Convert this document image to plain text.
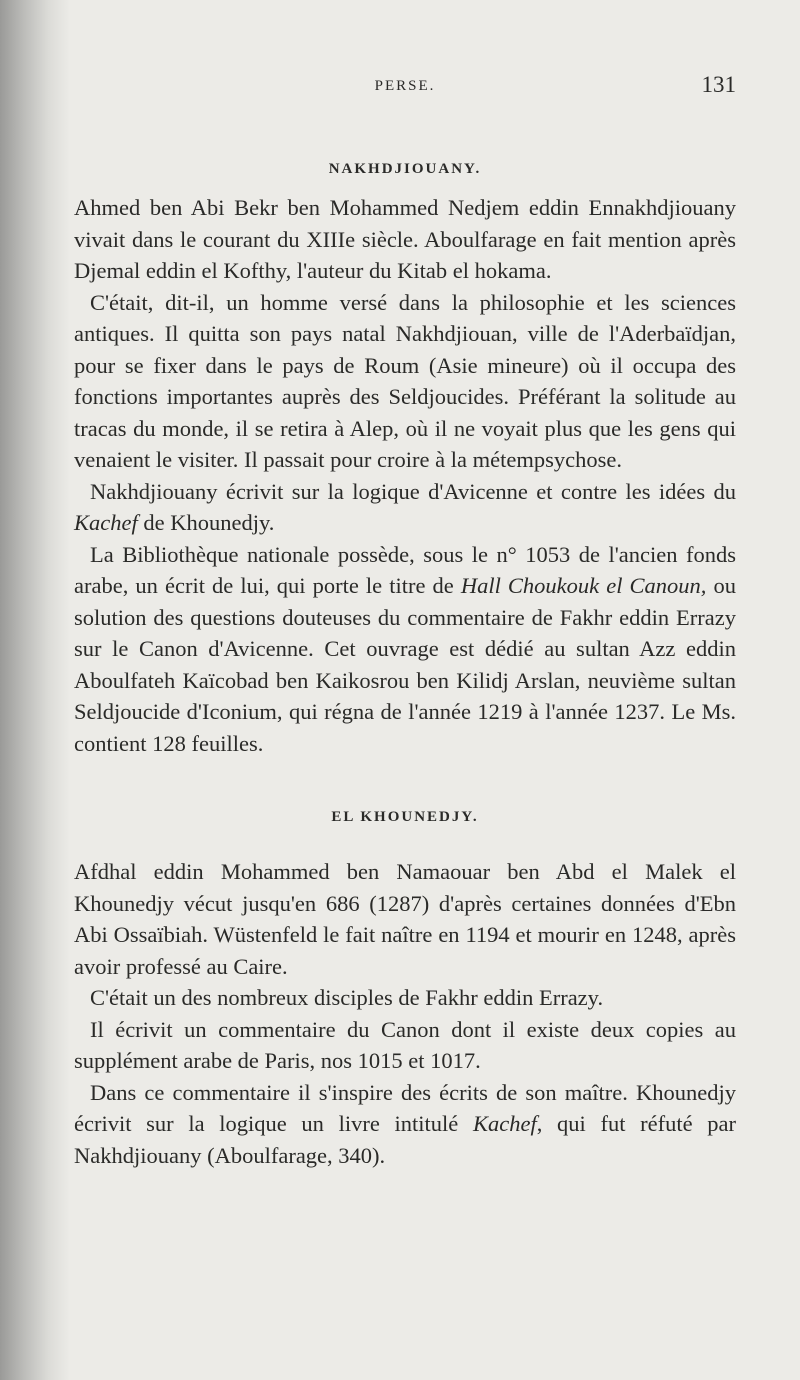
PERSE.	131
NAKHDJIOUANY.

Ahmed ben Abi Bekr ben Mohammed Nedjem eddin Ennakhdjiouany vivait dans le courant du XIIIe siècle. Aboulfarage en fait mention après Djemal eddin el Kofthy, l'auteur du Kitab el hokama.

C'était, dit-il, un homme versé dans la philosophie et les sciences antiques. Il quitta son pays natal Nakhdjiouan, ville de l'Aderbaïdjan, pour se fixer dans le pays de Roum (Asie mineure) où il occupa des fonctions importantes auprès des Seldjoucides. Préférant la solitude au tracas du monde, il se retira à Alep, où il ne voyait plus que les gens qui venaient le visiter. Il passait pour croire à la métempsychose.

Nakhdjiouany écrivit sur la logique d'Avicenne et contre les idées du Kachef de Khounedjy.

La Bibliothèque nationale possède, sous le n° 1053 de l'ancien fonds arabe, un écrit de lui, qui porte le titre de Hall Choukouk el Canoun, ou solution des questions douteuses du commentaire de Fakhr eddin Errazy sur le Canon d'Avicenne. Cet ouvrage est dédié au sultan Azz eddin Aboulfateh Kaïcobad ben Kaikosrou ben Kilidj Arslan, neuvième sultan Seldjoucide d'Iconium, qui régna de l'année 1219 à l'année 1237. Le Ms. contient 128 feuilles.

EL KHOUNEDJY.

Afdhal eddin Mohammed ben Namaouar ben Abd el Malek el Khounedjy vécut jusqu'en 686 (1287) d'après certaines données d'Ebn Abi Ossaïbiah. Wüstenfeld le fait naître en 1194 et mourir en 1248, après avoir professé au Caire.

C'était un des nombreux disciples de Fakhr eddin Errazy.

Il écrivit un commentaire du Canon dont il existe deux copies au supplément arabe de Paris, nos 1015 et 1017.

Dans ce commentaire il s'inspire des écrits de son maître. Khounedjy écrivit sur la logique un livre intitulé Kachef, qui fut réfuté par Nakhdjiouany (Aboulfarage, 340).
